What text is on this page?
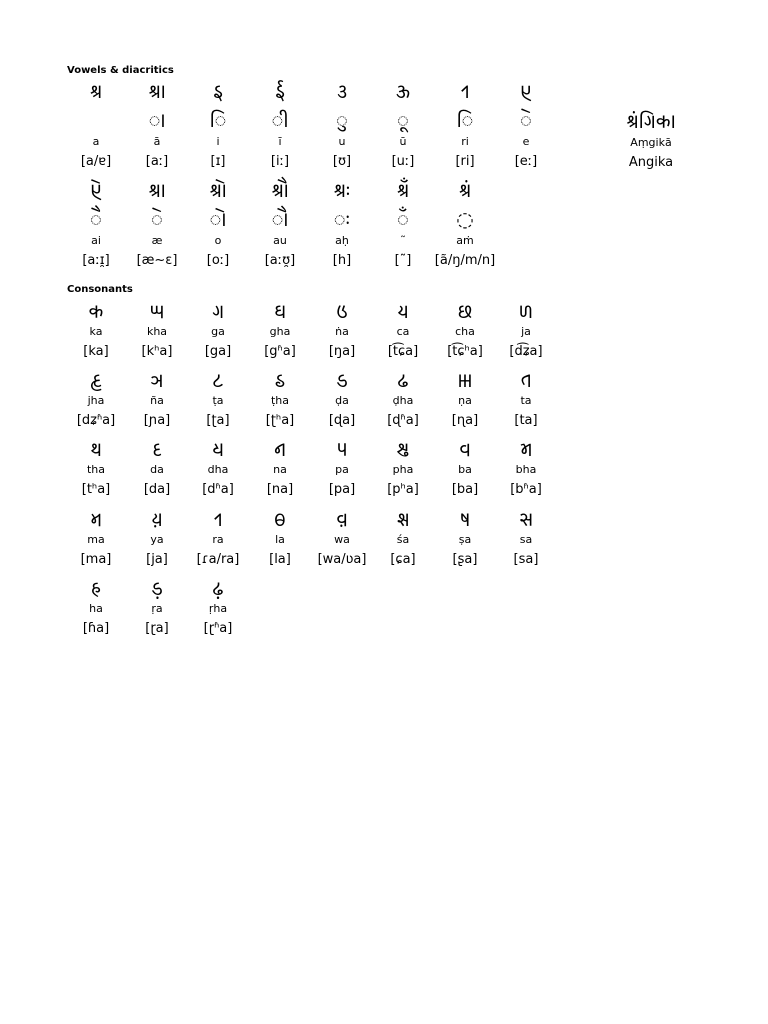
Vowels & diacritics
Consonants
𑂃
a
[a/ɐ]
𑂄
◌𑂰
ā
[aː]
𑂅
◌𑂱
i
[ɪ]
𑂆
◌𑂲
ī
[iː]
𑂇
◌𑂳
u
[ʊ]
𑂈
◌𑂴
ū
[uː]
𑂩
◌𑂱
ri
[ri]
𑂉
◌𑂵
e
[eː]
𑂊
◌𑂶
ai
[aːɪ̯]
𑂄
◌𑂵
æ
[æ~ɛ]
𑂋
◌𑂷
o
[oː]
𑂌
◌𑂸
au
[aːʊ̯]
𑂃𑂂
◌𑂂
aḥ
[h]
𑂃𑂀
◌𑂀
˜
[˜]
𑂃𑂁
◌
aṁ
[ã/ŋ/m/n]
𑂃𑂁𑂏𑂱𑂍𑂰
Aṃgikā
Angika
𑂍
ka
[ka]
𑂎
kha
[kʰa]
𑂏
ga
[ga]
𑂐
gha
[gʱa]
𑂑
ṅa
[ŋa]
𑂒
ca
[t͡ɕa]
𑂓
cha
[t͡ɕʰa]
𑂔
ja
[d͡ʑa]
𑂕
jha
[dʑʱa]
𑂖
ña
[ɲa]
𑂗
ṭa
[ʈa]
𑂘
ṭha
[ʈʰa]
𑂙
ḍa
[ɖa]
𑂛
ḍha
[ɖʱa]
𑂝
ṇa
[ɳa]
𑂞
ta
[ta]
𑂟
tha
[tʰa]
𑂠
da
[da]
𑂡
dha
[dʱa]
𑂢
na
[na]
𑂣
pa
[pa]
𑂤
pha
[pʰa]
𑂥
ba
[ba]
𑂦
bha
[bʱa]
𑂧
ma
[ma]
𑂨
ya
[ja]
𑂩
ra
[ɾa/ra]
𑂪
la
[la]
𑂫
wa
[wa/ʋa]
𑂬
śa
[ɕa]
𑂭
ṣa
[ʂa]
𑂮
sa
[sa]
𑂯
ha
[ɦa]
𑂚𑂺
ṛa
[ɽa]
𑂜𑂺
ṛha
[ɽʱa]
